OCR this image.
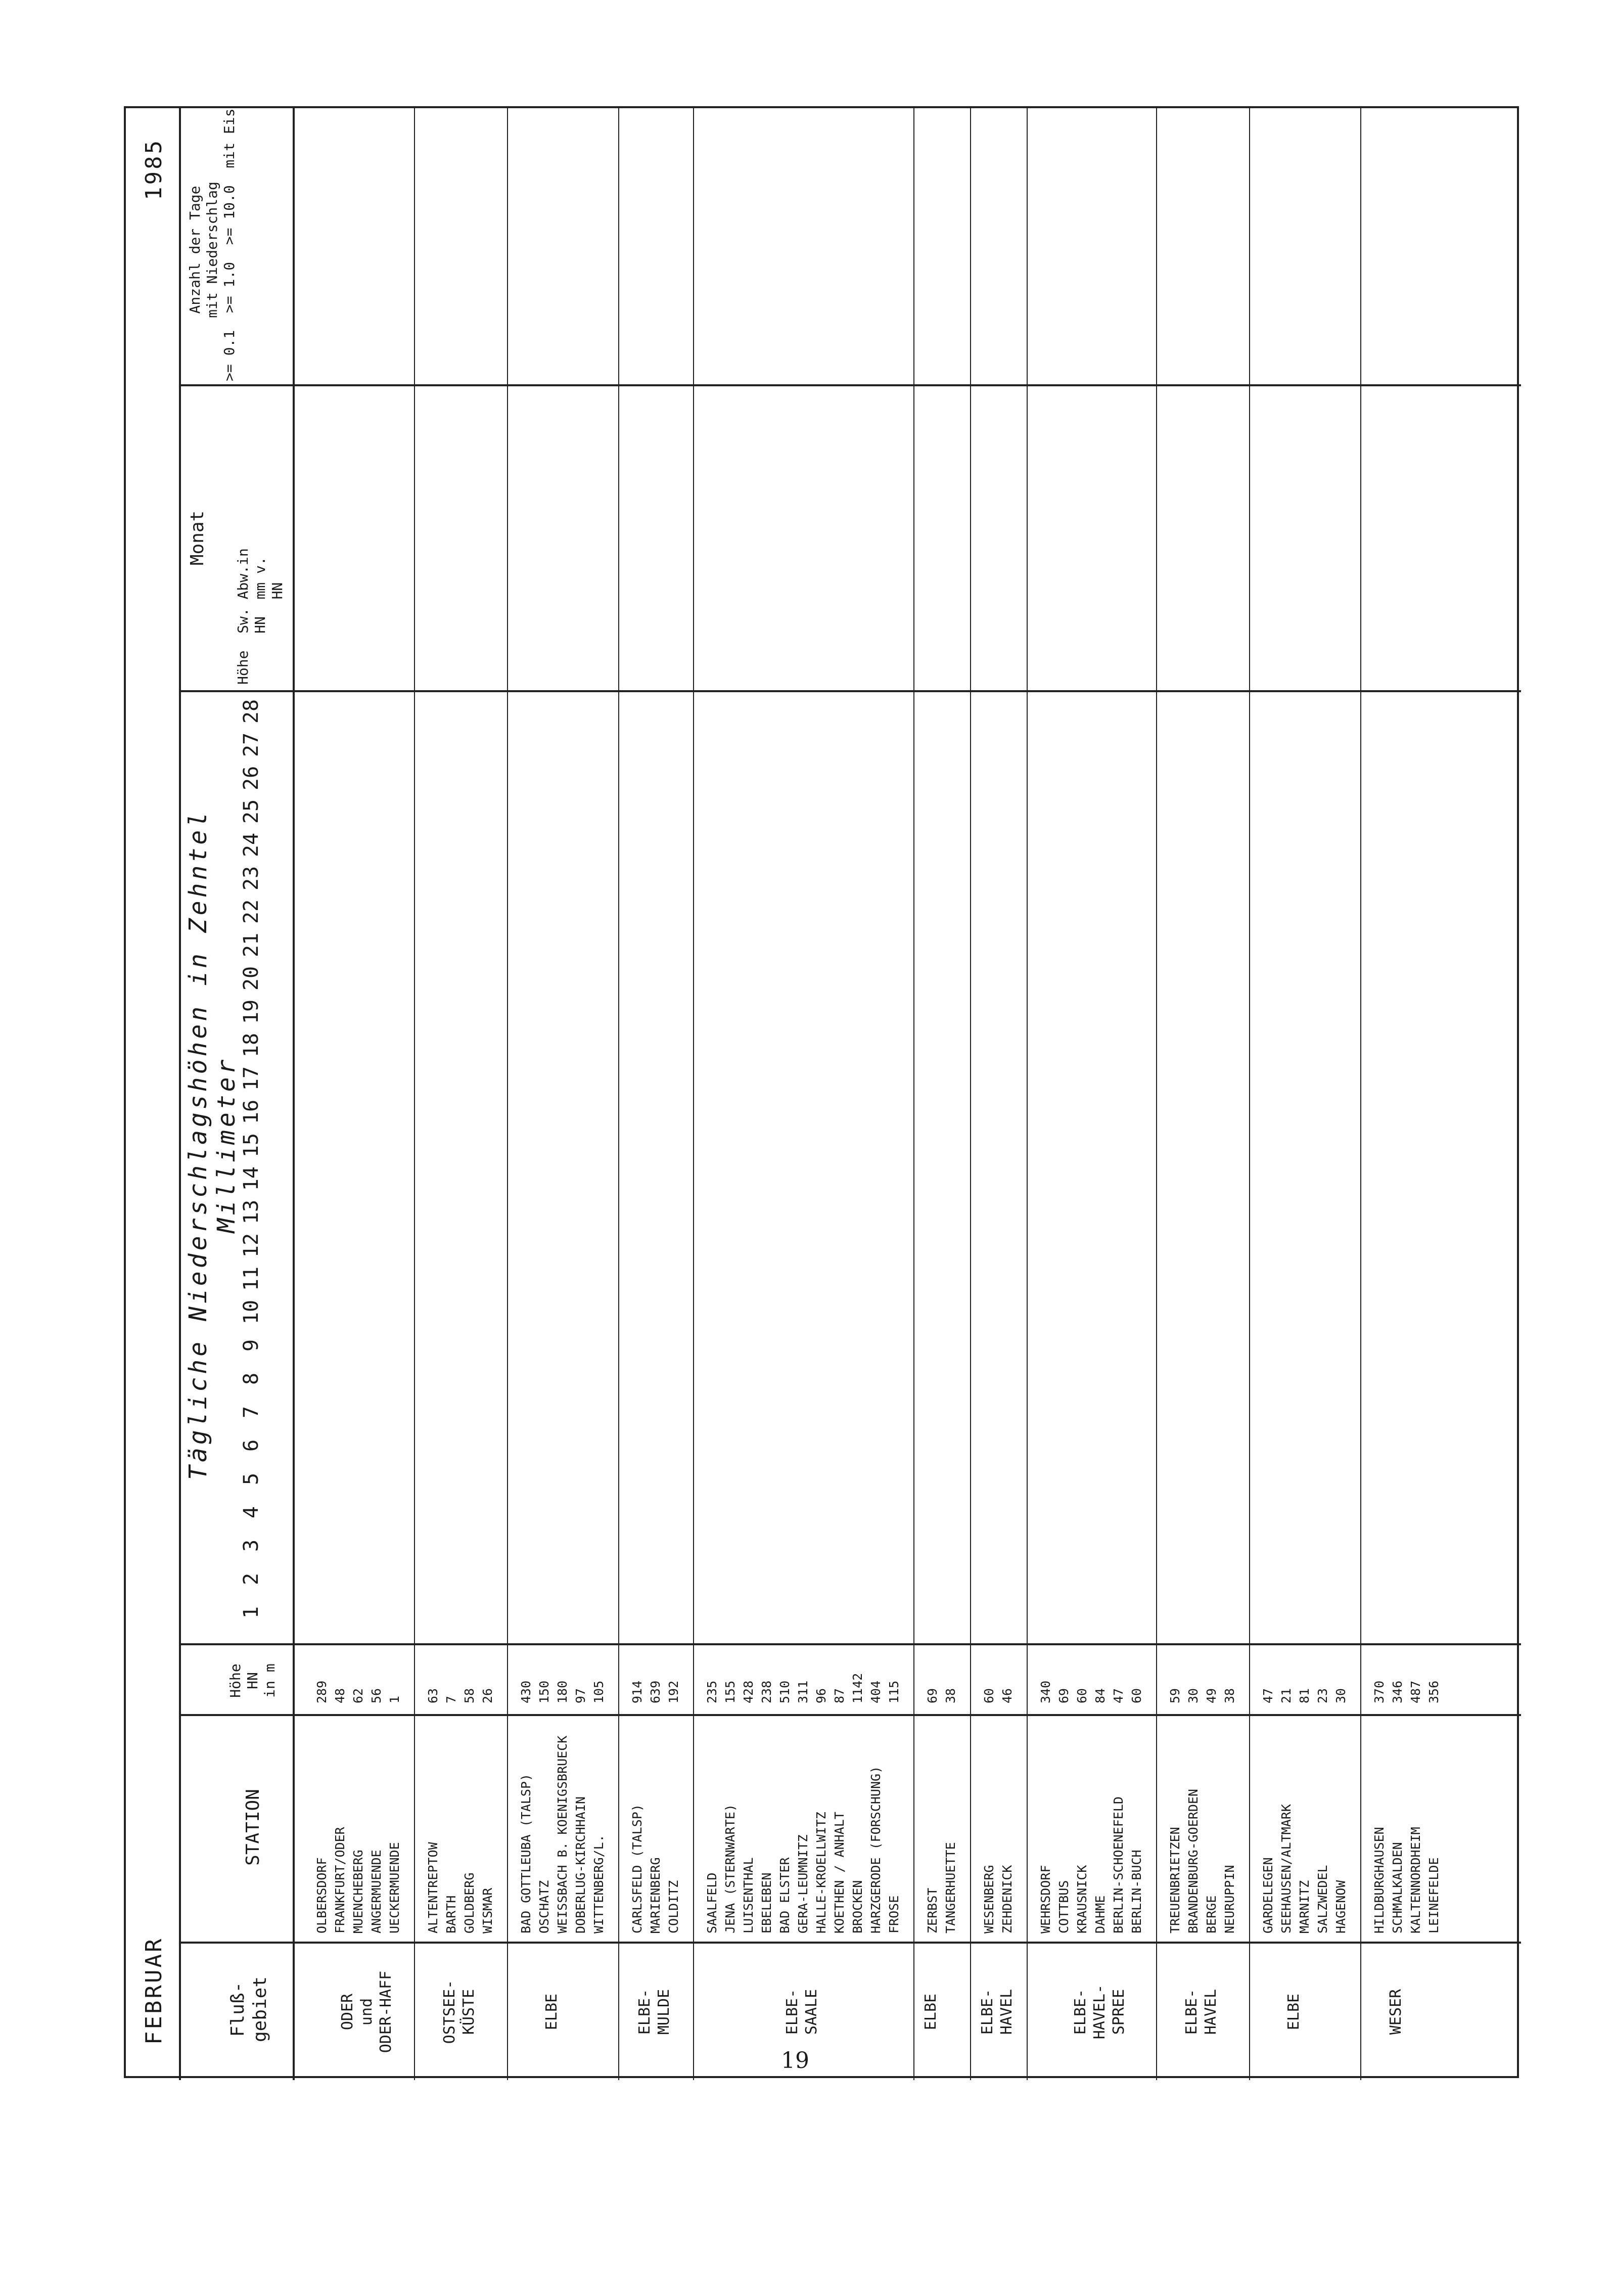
FEBRUAR
1985
Tägliche Niederschlagshöhen in Zehntel Millimeter
Fluß-
gebiet
STATION
Höhe
HN
in m
Monat
Höhe  Sw. Abw.in
HN  mm v.
HN
Anzahl der Tage
mit Niederschlag
>= 0.1  >= 1.0  >= 10.0  mit Eis
1
2
3
4
5
6
7
8
9
10
11
12
13
14
15
16
17
18
19
20
21
22
23
24
25
26
27
28
ODER
und
ODER-HAFF
OLBERSDORF
289
FRANKFURT/ODER
48
MUENCHEBERG
62
ANGERMUENDE
56
UECKERMUENDE
1
OSTSEE-
KÜSTE
ALTENTREPTOW
63
BARTH
7
GOLDBERG
58
WISMAR
26
ELBE
BAD GOTTLEUBA (TALSP)
430
OSCHATZ
150
WEISSBACH B. KOENIGSBRUECK
180
DOBERLUG-KIRCHHAIN
97
WITTENBERG/L.
105
ELBE-
MULDE
CARLSFELD (TALSP)
914
MARIENBERG
639
COLDITZ
192
ELBE-
SAALE
SAALFELD
235
JENA (STERNWARTE)
155
LUISENTHAL
428
EBELEBEN
238
BAD ELSTER
510
GERA-LEUMNITZ
311
HALLE-KROELLWITZ
96
KOETHEN / ANHALT
87
BROCKEN
1142
HARZGERODE (FORSCHUNG)
404
FROSE
115
ELBE
ZERBST
69
TANGERHUETTE
38
ELBE-
HAVEL
WESENBERG
60
ZEHDENICK
46
ELBE-
HAVEL-
SPREE
WEHRSDORF
340
COTTBUS
69
KRAUSNICK
60
DAHME
84
BERLIN-SCHOENEFELD
47
BERLIN-BUCH
60
ELBE-
HAVEL
TREUENBRIETZEN
59
BRANDENBURG-GOERDEN
30
BERGE
49
NEURUPPIN
38
ELBE
GARDELEGEN
47
SEEHAUSEN/ALTMARK
21
MARNITZ
81
SALZWEDEL
23
HAGENOW
30
WESER
HILDBURGHAUSEN
370
SCHMALKALDEN
346
KALTENNORDHEIM
487
LEINEFELDE
356
19
